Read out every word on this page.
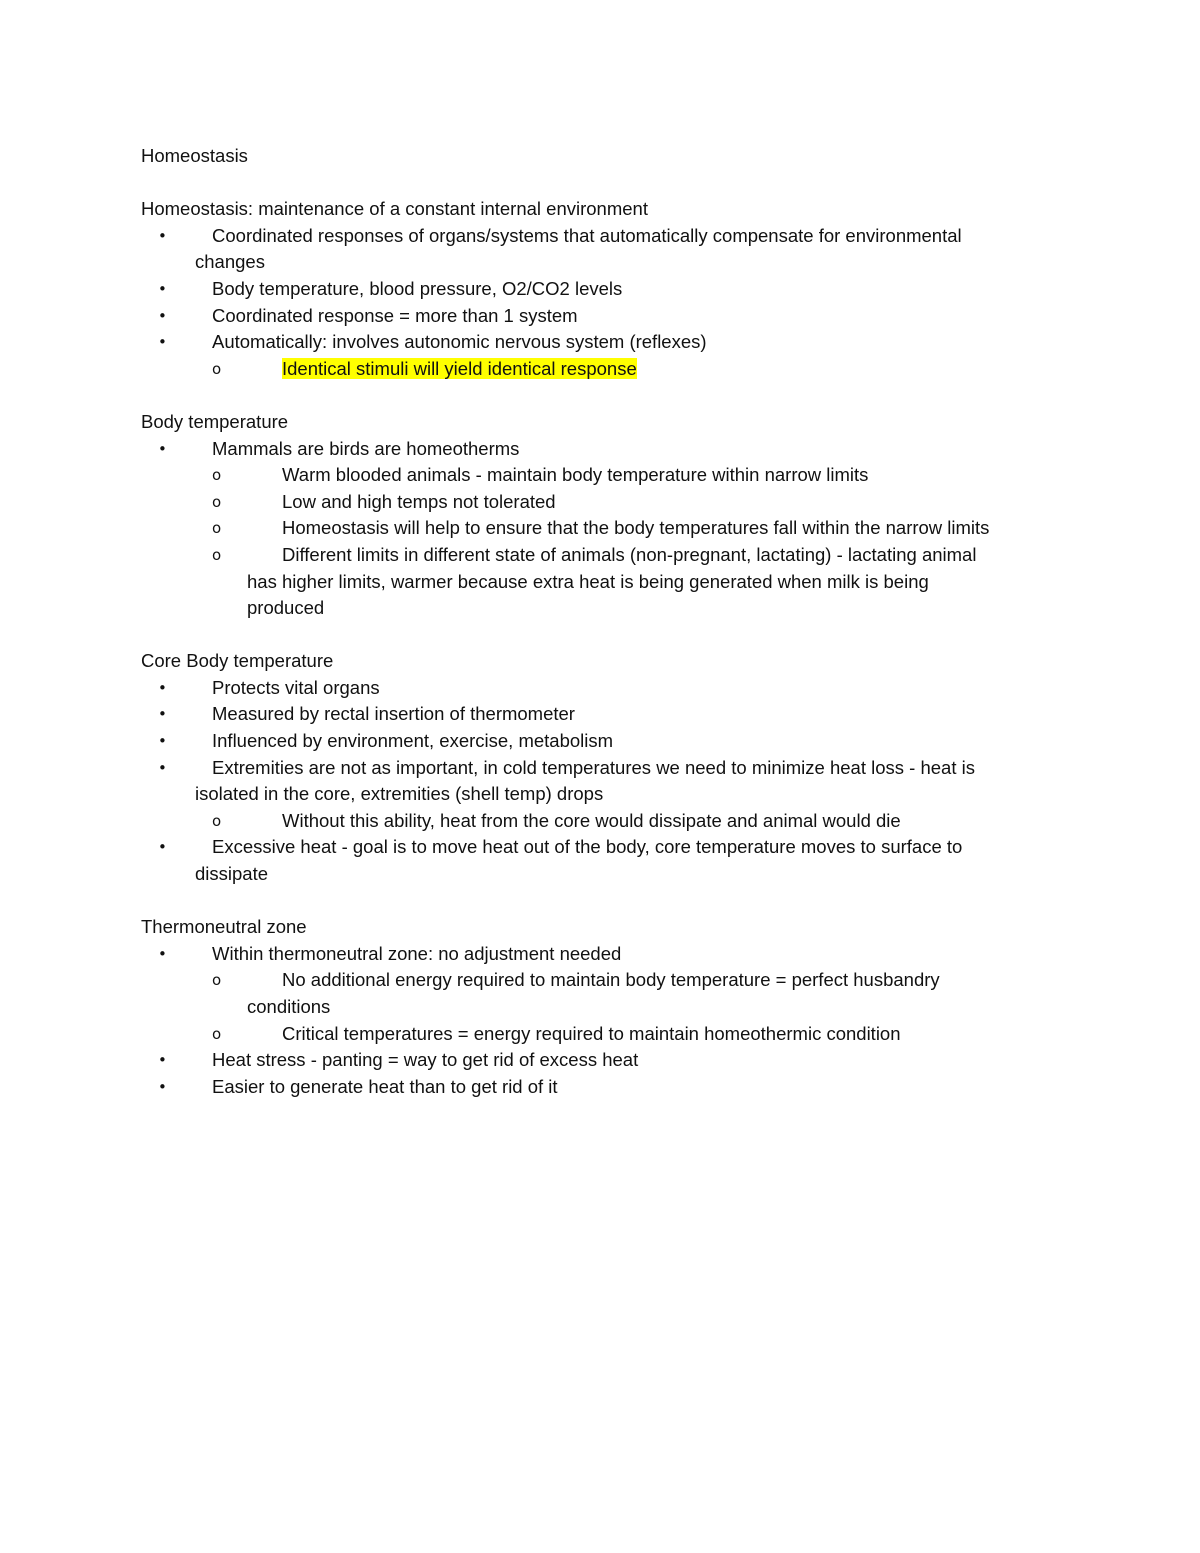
Homeostasis

Homeostasis: maintenance of a constant internal environment

• Coordinated responses of organs/systems that automatically compensate for environmental
changes
• Body temperature, blood pressure, O2/CO2 levels
• Coordinated response = more than 1 system
• Automatically: involves autonomic nervous system (reflexes)
o	Identical stimuli will yield identical response

Body temperature

• Mammals are birds are homeotherms
o	Warm blooded animals - maintain body temperature within narrow limits
o	Low and high temps not tolerated
o	Homeostasis will help to ensure that the body temperatures fall within the narrow limits
o	Different limits in different state of animals (non-pregnant, lactating) - lactating animal
has higher limits, warmer because extra heat is being generated when milk is being
produced

Core Body temperature

• Protects vital organs
• Measured by rectal insertion of thermometer
• Influenced by environment, exercise, metabolism
• Extremities are not as important, in cold temperatures we need to minimize heat loss - heat is
isolated in the core, extremities (shell temp) drops
o	Without this ability, heat from the core would dissipate and animal would die
• Excessive heat - goal is to move heat out of the body, core temperature moves to surface to
dissipate

Thermoneutral zone

• Within thermoneutral zone: no adjustment needed
o	No additional energy required to maintain body temperature = perfect husbandry
conditions
o	Critical temperatures = energy required to maintain homeothermic condition
• Heat stress - panting = way to get rid of excess heat
• Easier to generate heat than to get rid of it
